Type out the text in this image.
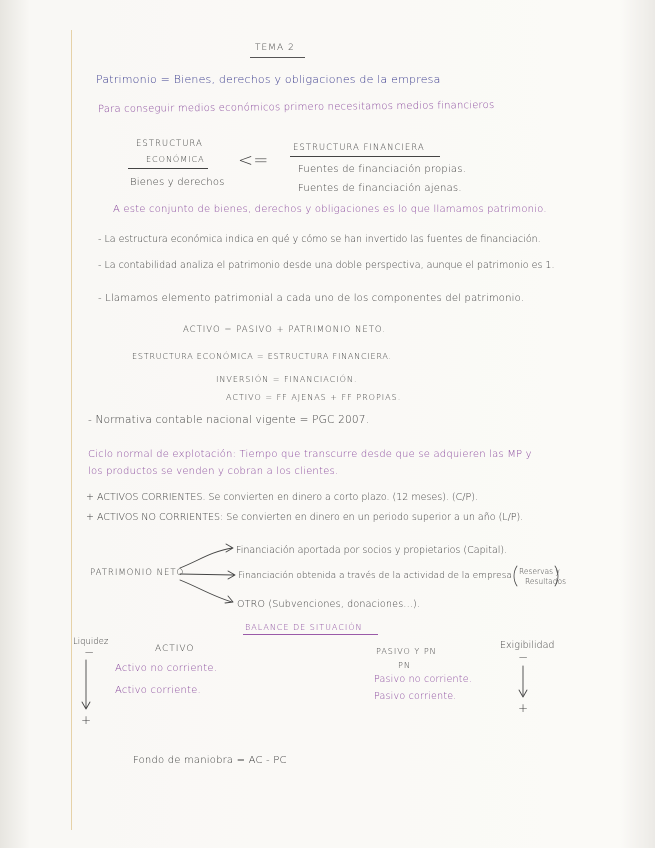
TEMA 2
Patrimonio = Bienes, derechos y obligaciones de la empresa
Para conseguir medios económicos primero necesitamos medios financieros
ESTRUCTURA
ECONÓMICA
Bienes y derechos
<=
ESTRUCTURA FINANCIERA
Fuentes de financiación propias.
Fuentes de financiación ajenas.
A este conjunto de bienes, derechos y obligaciones es lo que llamamos patrimonio.
- La estructura económica indica en qué y cómo se han invertido las fuentes de financiación.
- La contabilidad analiza el patrimonio desde una doble perspectiva, aunque el patrimonio es 1.
- Llamamos elemento patrimonial a cada uno de los componentes del patrimonio.
ACTIVO = PASIVO + PATRIMONIO NETO.
ESTRUCTURA ECONÓMICA = ESTRUCTURA FINANCIERA.
INVERSIÓN = FINANCIACIÓN.
ACTIVO = FF AJENAS + FF PROPIAS.
- Normativa contable nacional vigente = PGC 2007.
Ciclo normal de explotación: Tiempo que transcurre desde que se adquieren las MP y
los productos se venden y cobran a los clientes.
+ ACTIVOS CORRIENTES. Se convierten en dinero a corto plazo. (12 meses). (C/P).
+ ACTIVOS NO CORRIENTES: Se convierten en dinero en un periodo superior a un año (L/P).
PATRIMONIO NETO
Financiación aportada por socios y propietarios (Capital).
Financiación obtenida a través de la actividad de la empresa Reservas y
Resultados
OTRO (Subvenciones, donaciones...).
BALANCE DE SITUACIÓN
Liquidez
−
+
ACTIVO
Activo no corriente.
Activo corriente.
PASIVO Y PN
PN
Pasivo no corriente.
Pasivo corriente.
Exigibilidad
−
+
Fondo de maniobra = AC - PC
